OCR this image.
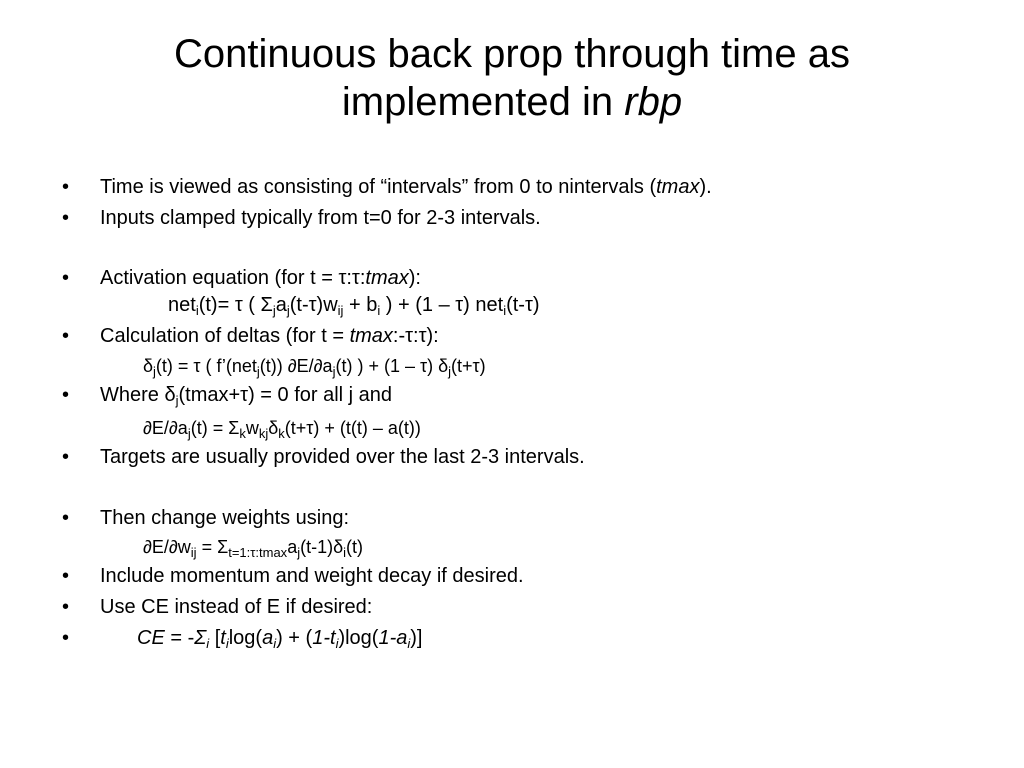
Continuous back prop through time as
implemented in rbp
• Time is viewed as consisting of “intervals” from 0 to nintervals (tmax).
• Inputs clamped typically from t=0 for 2-3 intervals.
• Activation equation (for t = τ:τ:tmax):
net$_i$(t)= τ ( $\Sigma_ja_j(t-\tau)w_{ij} + b_i$ ) + (1 – τ) net$_i$(t-τ)
• Calculation of deltas (for t = tmax:-τ:τ):
$\delta_j(t) = \tau$ ( f’(net$_j$(t)) $\partial E/\partial a_j(t)$ ) + (1 – τ) $\delta_j(t+\tau)$
• Where $\delta_j(tmax+\tau) = 0$ for all j and
$\partial E/\partial a_j(t) = \Sigma_kw_{kj}\delta_k(t+\tau) + (t(t) - a(t))$
• Targets are usually provided over the last 2-3 intervals.
• Then change weights using:
$\partial E/\partial w_{ij} = \Sigma_{t=1:\tau:tmax}a_j(t-1)\delta_i(t)$
• Include momentum and weight decay if desired.
• Use CE instead of E if desired:
•	CE = $-\Sigma_i$ $[t_i\log(a_i) + (1-t_i)\log(1-a_i)]$
